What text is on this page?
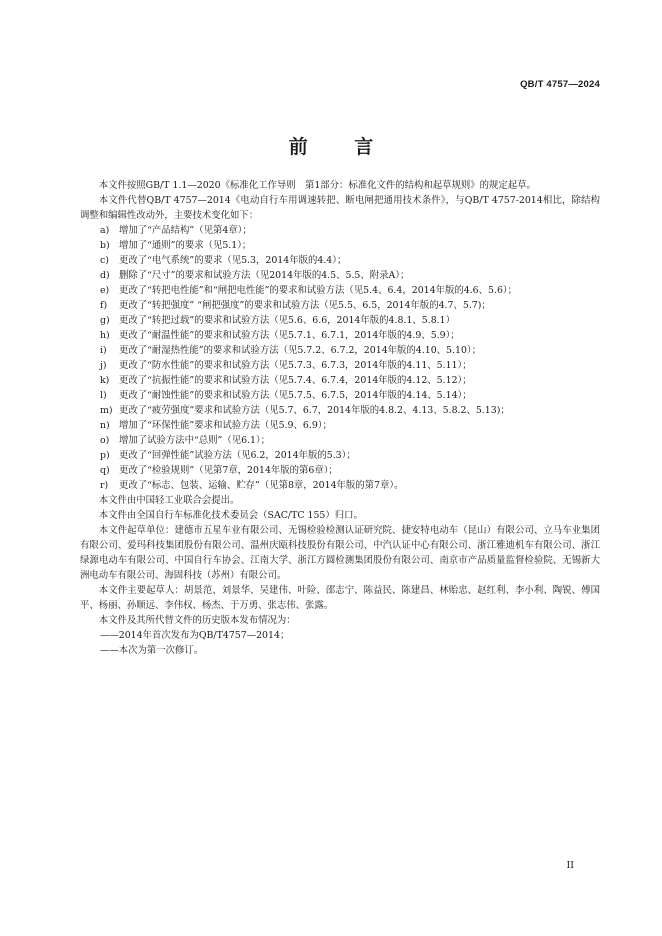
QB/T 4757—2024
前 言

本文件按照GB/T 1.1—2020《标准化工作导则　第1部分：标准化文件的结构和起草规则》的规定起草。

本文件代替QB/T 4757—2014《电动自行车用调速转把、断电闸把通用技术条件》，与QB/T 4757-2014相比，除结构调整和编辑性改动外，主要技术变化如下：

a)	增加了“产品结构”（见第4章）；
b) 增加了“通则”的要求（见5.1）；
c)	更改了“电气系统”的要求（见5.3，2014年版的4.4）；
d) 删除了“尺寸”的要求和试验方法（见2014年版的4.5、5.5、附录A）；
e)	更改了“转把电性能”和“闸把电性能”的要求和试验方法（见5.4、6.4，2014年版的4.6、5.6）；
f)	更改了“转把强度” “闸把强度”的要求和试验方法（见5.5、6.5，2014年版的4.7、5.7)；
g) 更改了“转把过载”的要求和试验方法（见5.6、6.6，2014年版的4.8.1、5.8.1）
h) 更改了“耐温性能”的要求和试验方法（见5.7.1、6.7.1，2014年版的4.9、5.9）；
i)	更改了“耐湿热性能”的要求和试验方法（见5.7.2、6.7.2，2014年版的4.10、5.10）；
j)	更改了“防水性能”的要求和试验方法（见5.7.3、6.7.3，2014年版的4.11、5.11）；
k)	更改了“抗振性能”的要求和试验方法（见5.7.4、6.7.4，2014年版的4.12、5.12）；
l)	更改了“耐蚀性能”的要求和试验方法（见5.7.5、6.7.5，2014年版的4.14、5.14）；
m) 更改了“疲劳强度”要求和试验方法（见5.7、6.7，2014年版的4.8.2、4.13、5.8.2、5.13)；
n) 增加了“环保性能”要求和试验方法（见5.9、6.9）；
o)	增加了试验方法中“总则”（见6.1）；
p) 更改了“回弹性能”试验方法（见6.2，2014年版的5.3）；
q) 更改了“检验规则”（见第7章，2014年版的第6章）；
r)	更改了“标志、包装、运输、贮存”（见第8章，2014年版的第7章）。

本文件由中国轻工业联合会提出。

本文件由全国自行车标准化技术委员会（SAC/TC 155）归口。

本文件起草单位：建德市五星车业有限公司、无锡检验检测认证研究院、捷安特电动车（昆山）有限公司、立马车业集团有限公司、爱玛科技集团股份有限公司、温州庆瓯科技股份有限公司、中汽认证中心有限公司、浙江雅迪机车有限公司、浙江绿源电动车有限公司、中国自行车协会、江南大学、浙江方圆检测集团股份有限公司、南京市产品质量监督检验院、无锡新大洲电动车有限公司、海固科技（苏州）有限公司。

本文件主要起草人：胡景范、刘景华、吴建伟、叶险、邵志宁、陈益民、陈建昌、林贻忠、赵红利、李小利、陶锐、傅国平、杨丽、孙顺远、李伟权、杨杰、于万勇、张志伟、张露。

本文件及其所代替文件的历史版本发布情况为：

——2014年首次发布为QB/T4757—2014；

——本次为第一次修订。

II
